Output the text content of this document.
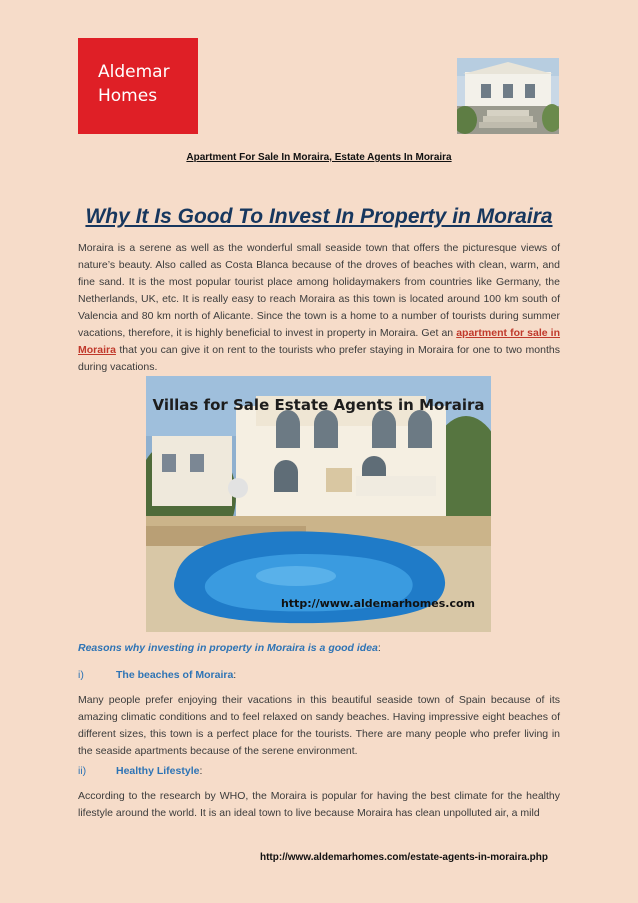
Aldemar
Homes
Apartment For Sale In Moraira, Estate Agents In Moraira
Why It Is Good To Invest In Property in Moraira

Moraira is a serene as well as the wonderful small seaside town that offers the picturesque views of nature’s beauty. Also called as Costa Blanca because of the droves of beaches with clean, warm, and fine sand. It is the most popular tourist place among holidaymakers from countries like Germany, the Netherlands, UK, etc. It is really easy to reach Moraira as this town is located around 100 km south of Valencia and 80 km north of Alicante. Since the town is a home to a number of tourists during summer vacations, therefore, it is highly beneficial to invest in property in Moraira. Get an apartment for sale in Moraira that you can give it on rent to the tourists who prefer staying in Moraira for one to two months during vacations.

Villas for Sale Estate Agents in Moraira
http://www.aldemarhomes.com

Reasons why investing in property in Moraira is a good idea:

i)	The beaches of Moraira:

Many people prefer enjoying their vacations in this beautiful seaside town of Spain because of its amazing climatic conditions and to feel relaxed on sandy beaches. Having impressive eight beaches of different sizes, this town is a perfect place for the tourists. There are many people who prefer living in the seaside apartments because of the serene environment.

ii)	Healthy Lifestyle:

According to the research by WHO, the Moraira is popular for having the best climate for the healthy lifestyle around the world. It is an ideal town to live because Moraira has clean unpolluted air, a mild

http://www.aldemarhomes.com/estate-agents-in-moraira.php
